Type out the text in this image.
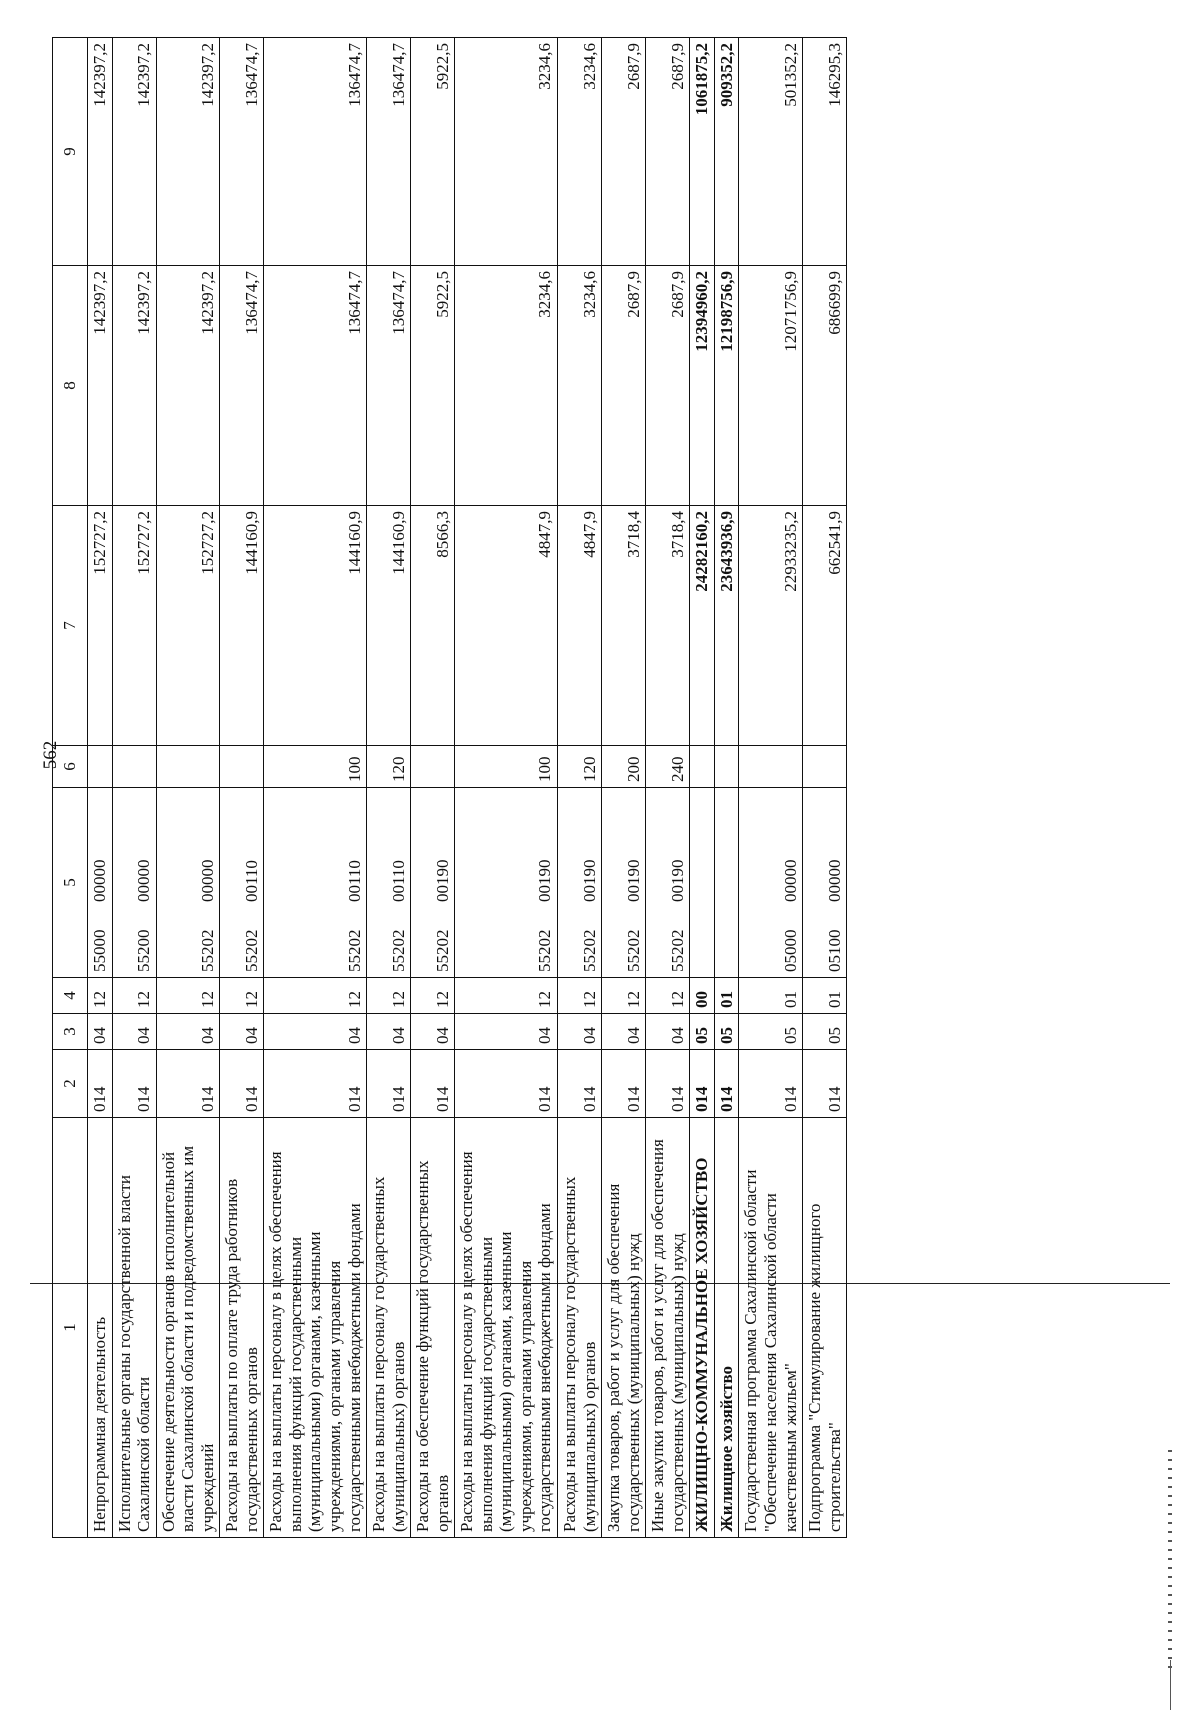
562
1	2	3	4	5	6	7	8	9
Непрограммная деятельность	014	04	12	5500000000		152727,2	142397,2	142397,2
Исполнительные органы государственной власти Сахалинской области	014	04	12	5520000000		152727,2	142397,2	142397,2
Обеспечение деятельности органов исполнительной власти Сахалинской области и подведомственных им учреждений	014	04	12	5520200000		152727,2	142397,2	142397,2
Расходы на выплаты по оплате труда работников государственных органов	014	04	12	5520200110		144160,9	136474,7	136474,7
Расходы на выплаты персоналу в целях обеспечения выполнения функций государственными (муниципальными) органами, казенными учреждениями, органами управления государственными внебюджетными фондами	014	04	12	5520200110	100	144160,9	136474,7	136474,7
Расходы на выплаты персоналу государственных (муниципальных) органов	014	04	12	5520200110	120	144160,9	136474,7	136474,7
Расходы на обеспечение функций государственных органов	014	04	12	5520200190		8566,3	5922,5	5922,5
Расходы на выплаты персоналу в целях обеспечения выполнения функций государственными (муниципальными) органами, казенными учреждениями, органами управления государственными внебюджетными фондами	014	04	12	5520200190	100	4847,9	3234,6	3234,6
Расходы на выплаты персоналу государственных (муниципальных) органов	014	04	12	5520200190	120	4847,9	3234,6	3234,6
Закупка товаров, работ и услуг для обеспечения государственных (муниципальных) нужд	014	04	12	5520200190	200	3718,4	2687,9	2687,9
Иные закупки товаров, работ и услуг для обеспечения государственных (муниципальных) нужд	014	04	12	5520200190	240	3718,4	2687,9	2687,9
ЖИЛИЩНО-КОММУНАЛЬНОЕ ХОЗЯЙСТВО	014	05	00			24282160,2	12394960,2	1061875,2
Жилищное хозяйство	014	05	01			23643936,9	12198756,9	909352,2
Государственная программа Сахалинской области "Обеспечение населения Сахалинской области качественным жильем"	014	05	01	0500000000		22933235,2	12071756,9	501352,2
Подпрограмма "Стимулирование жилищного строительства"	014	05	01	0510000000		662541,9	686699,9	146295,3
